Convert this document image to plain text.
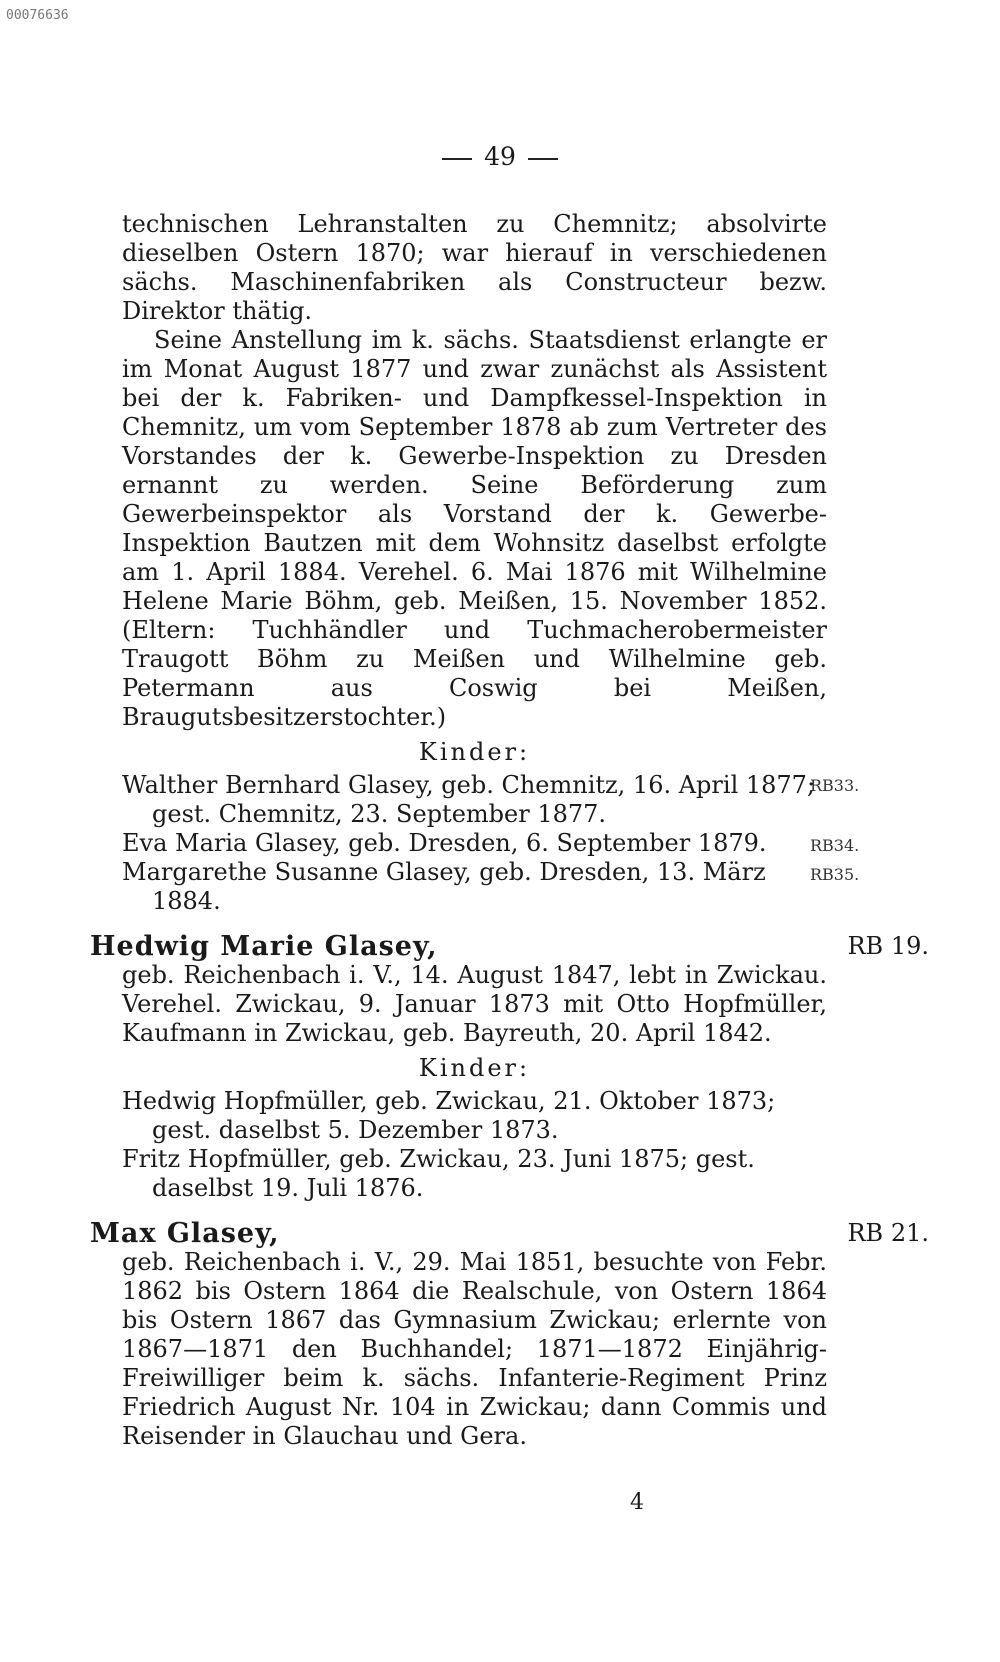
00076636
49
technischen Lehranstalten zu Chemnitz; absolvirte dieselben Ostern 1870; war hierauf in verschiedenen sächs. Maschinenfabriken als Constructeur bezw. Direktor thätig.
Seine Anstellung im k. sächs. Staatsdienst erlangte er im Monat August 1877 und zwar zunächst als Assistent bei der k. Fabriken- und Dampfkessel-Inspektion in Chemnitz, um vom September 1878 ab zum Vertreter des Vorstandes der k. Gewerbe-Inspektion zu Dresden ernannt zu werden. Seine Beförderung zum Gewerbeinspektor als Vorstand der k. Gewerbe-Inspektion Bautzen mit dem Wohnsitz daselbst erfolgte am 1. April 1884. Verehel. 6. Mai 1876 mit Wilhelmine Helene Marie Böhm, geb. Meißen, 15. November 1852. (Eltern: Tuchhändler und Tuchmacherobermeister Traugott Böhm zu Meißen und Wilhelmine geb. Petermann aus Coswig bei Meißen, Braugutsbesitzerstochter.)
Kinder:
Walther Bernhard Glasey, geb. Chemnitz, 16. April 1877; gest. Chemnitz, 23. September 1877.
RB33.
Eva Maria Glasey, geb. Dresden, 6. September 1879.	RB34.
Margarethe Susanne Glasey, geb. Dresden, 13. März 1884.
RB35.
RB 19.
Hedwig Marie Glasey,
geb. Reichenbach i. V., 14. August 1847, lebt in Zwickau. Verehel. Zwickau, 9. Januar 1873 mit Otto Hopfmüller, Kaufmann in Zwickau, geb. Bayreuth, 20. April 1842.
Kinder:
Hedwig Hopfmüller, geb. Zwickau, 21. Oktober 1873; gest. daselbst 5. Dezember 1873.
Fritz Hopfmüller, geb. Zwickau, 23. Juni 1875; gest. daselbst 19. Juli 1876.
RB 21.
Max Glasey,
geb. Reichenbach i. V., 29. Mai 1851, besuchte von Febr. 1862 bis Ostern 1864 die Realschule, von Ostern 1864 bis Ostern 1867 das Gymnasium Zwickau; erlernte von 1867—1871 den Buchhandel; 1871—1872 Einjährig-Freiwilliger beim k. sächs. Infanterie-Regiment Prinz Friedrich August Nr. 104 in Zwickau; dann Commis und Reisender in Glauchau und Gera.
4
